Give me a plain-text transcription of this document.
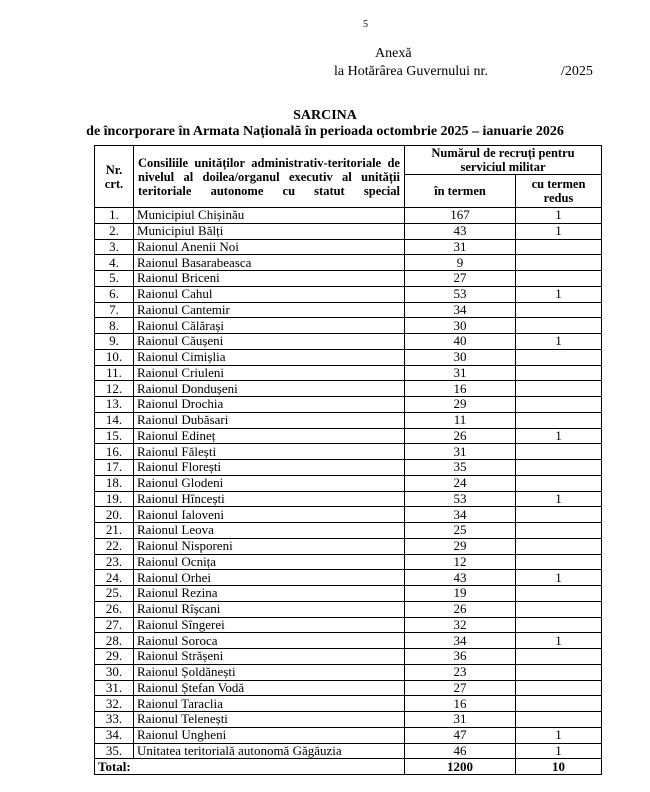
5
Anexă
la Hotărârea Guvernului nr.	/2025
SARCINA
de încorporare în Armata Națională în perioada octombrie 2025 – ianuarie 2026
Nr. crt.	Consiliile unităților administrativ-teritoriale de nivelul al doilea/organul executiv al unității teritoriale autonome cu statut special	Numărul de recruți pentru serviciul militar	
		în termen	cu termen redus
1.	Municipiul Chișinău	167	1
2.	Municipiul Bălți	43	1
3.	Raionul Anenii Noi	31	
4.	Raionul Basarabeasca	9	
5.	Raionul Briceni	27	
6.	Raionul Cahul	53	1
7.	Raionul Cantemir	34	
8.	Raionul Călărași	30	
9.	Raionul Căușeni	40	1
10.	Raionul Cimișlia	30	
11.	Raionul Criuleni	31	
12.	Raionul Dondușeni	16	
13.	Raionul Drochia	29	
14.	Raionul Dubăsari	11	
15.	Raionul Edineț	26	1
16.	Raionul Fălești	31	
17.	Raionul Florești	35	
18.	Raionul Glodeni	24	
19.	Raionul Hîncești	53	1
20.	Raionul Ialoveni	34	
21.	Raionul Leova	25	
22.	Raionul Nisporeni	29	
23.	Raionul Ocnița	12	
24.	Raionul Orhei	43	1
25.	Raionul Rezina	19	
26.	Raionul Rîșcani	26	
27.	Raionul Sîngerei	32	
28.	Raionul Soroca	34	1
29.	Raionul Strășeni	36	
30.	Raionul Șoldănești	23	
31.	Raionul Ștefan Vodă	27	
32.	Raionul Taraclia	16	
33.	Raionul Telenești	31	
34.	Raionul Ungheni	47	1
35.	Unitatea teritorială autonomă Găgăuzia	46	1
Total:		1200	10
